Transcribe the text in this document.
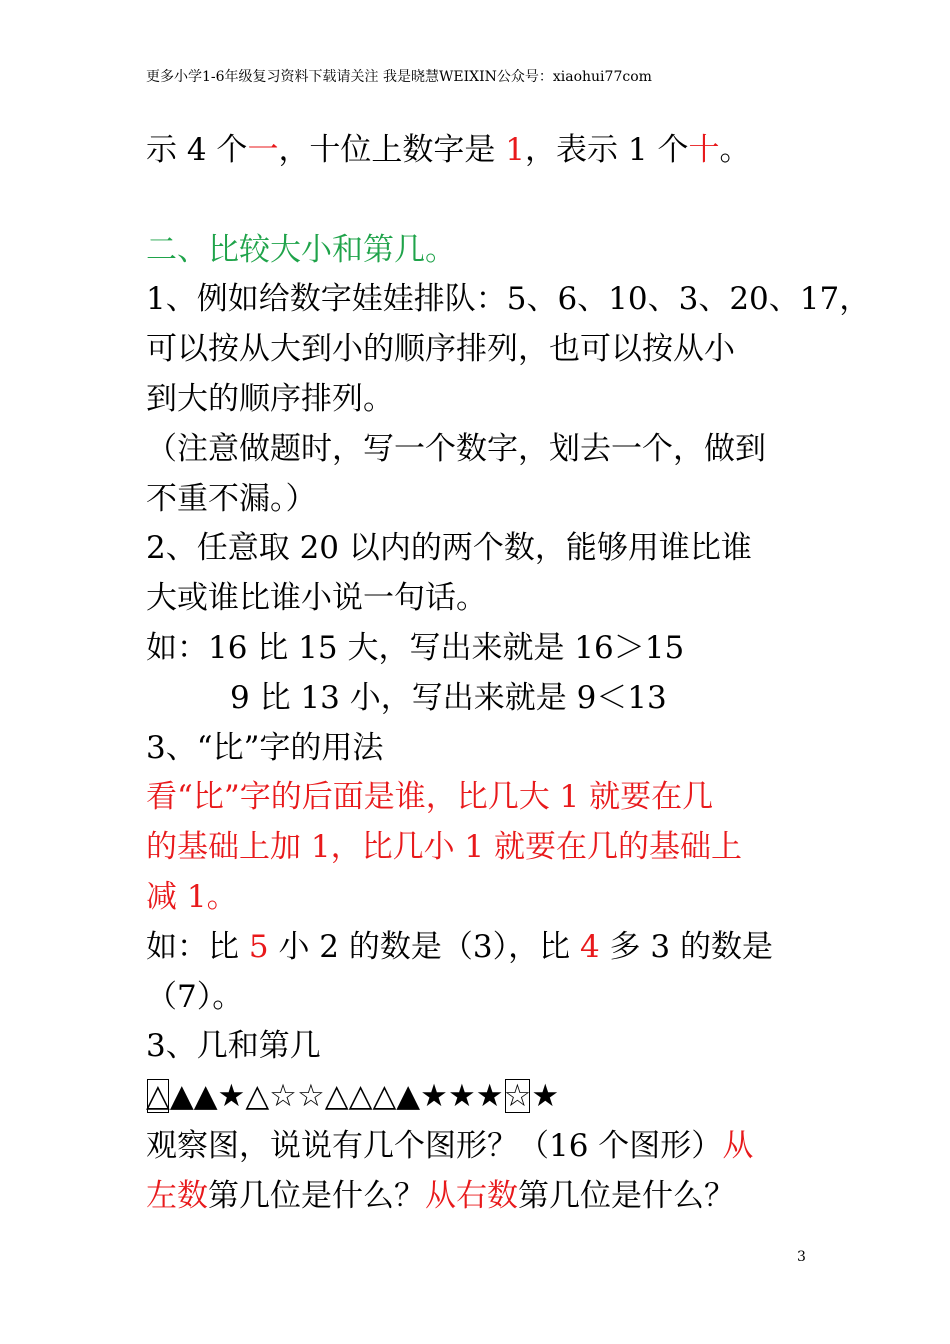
更多小学1-6年级复习资料下载请关注 我是晓慧WEIXIN公众号：xiaohui77com
示 4 个一，十位上数字是 1，表示 1 个十。
二、比较大小和第几。
1、例如给数字娃娃排队：5、6、10、3、20、17，
可以按从大到小的顺序排列，也可以按从小
到大的顺序排列。
（注意做题时，写一个数字，划去一个，做到
不重不漏。）
2、任意取 20 以内的两个数，能够用谁比谁
大或谁比谁小说一句话。
如：16 比 15 大，写出来就是 16＞15
9 比 13 小，写出来就是 9＜13
3、“比”字的用法
看“比”字的后面是谁，比几大 1 就要在几
的基础上加 1，比几小 1 就要在几的基础上
减 1。
如：比 5 小 2 的数是（3），比 4 多 3 的数是
（7）。
3、几和第几
△▲▲★△☆☆△△△▲★★★☆★
观察图，说说有几个图形？（16 个图形）从
左数第几位是什么？从右数第几位是什么？
3
